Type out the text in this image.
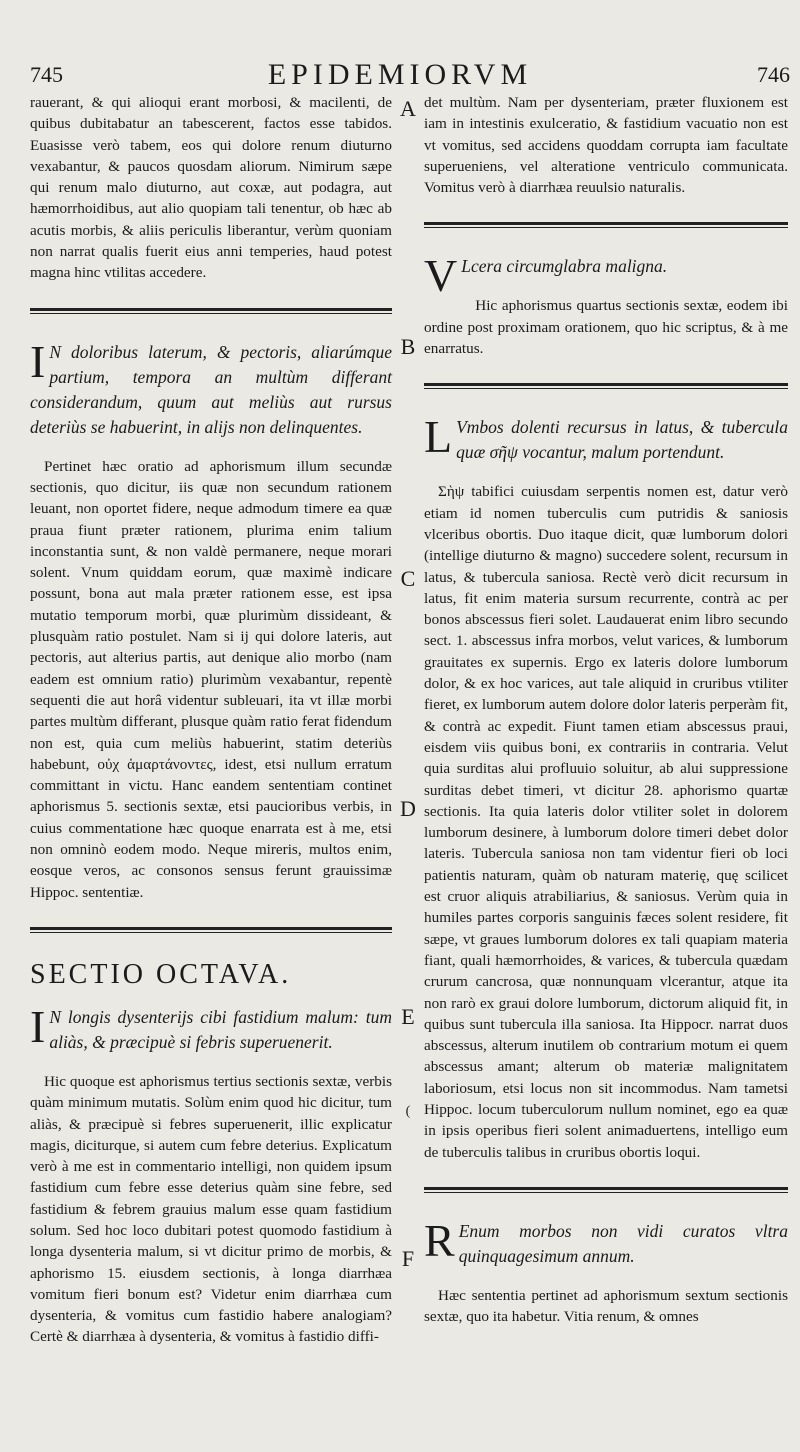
745	EPIDEMIORVM	746
A
B
C
D
E
(
F

rauerant, & qui alioqui erant morbosi, & macilenti, de quibus dubitabatur an tabescerent, factos esse tabidos. Euasisse verò tabem, eos qui dolore renum diuturno vexabantur, & paucos quosdam aliorum. Nimirum sæpe qui renum malo diuturno, aut coxæ, aut podagra, aut hæmorrhoidibus, aut alio quopiam tali tenentur, ob hæc ab acutis morbis, & aliis periculis liberantur, verùm quoniam non narrat qualis fuerit eius anni temperies, haud potest magna hinc vtilitas accedere.

I N doloribus laterum, & pectoris, aliarúmque partium, tempora an multùm differant considerandum, quum aut meliùs aut rursus deteriùs se habuerint, in alijs non delinquentes.

Pertinet hæc oratio ad aphorismum illum secundæ sectionis, quo dicitur, iis quæ non secundum rationem leuant, non oportet fidere, neque admodum timere ea quæ praua fiunt præter rationem, plurima enim talium inconstantia sunt, & non valdè permanere, neque morari solent. Vnum quiddam eorum, quæ maximè indicare possunt, bona aut mala præter rationem esse, est ipsa mutatio temporum morbi, quæ plurimùm dissideant, & plusquàm ratio postulet. Nam si ij qui dolore lateris, aut pectoris, aut alterius partis, aut denique alio morbo (nam eadem est omnium ratio) plurimùm vexabantur, repentè sequenti die aut horâ videntur subleuari, ita vt illæ morbi partes multùm differant, plusque quàm ratio ferat fidendum non est, quia cum meliùs habuerint, statim deteriùs habebunt, οὐχ ἁμαρτάνοντες, idest, etsi nullum erratum committant in victu. Hanc eandem sententiam continet aphorismus 5. sectionis sextæ, etsi paucioribus verbis, in cuius commentatione hæc quoque enarrata est à me, etsi non omninò eodem modo. Neque mireris, multos enim, eosque veros, ac consonos sensus ferunt grauissimæ Hippoc. sententiæ.

SECTIO OCTAVA.

I N longis dysenterijs cibi fastidium malum: tum aliàs, & præcipuè si febris superuenerit.

Hic quoque est aphorismus tertius sectionis sextæ, verbis quàm minimum mutatis. Solùm enim quod hic dicitur, tum aliàs, & præcipuè si febres superuenerit, illic explicatur magis, diciturque, si autem cum febre deterius. Explicatum verò à me est in commentario intelligi, non quidem ipsum fastidium cum febre esse deterius quàm sine febre, sed fastidium & febrem grauius malum esse quam fastidium solum. Sed hoc loco dubitari potest quomodo fastidium à longa dysenteria malum, si vt dicitur primo de morbis, & aphorismo 15. eiusdem sectionis, à longa diarrhæa vomitum fieri bonum est? Videtur enim diarrhæa cum dysenteria, & vomitus cum fastidio habere analogiam? Certè & diarrhæa à dysenteria, & vomitus à fastidio diffi-

det multùm. Nam per dysenteriam, præter fluxionem est iam in intestinis exulceratio, & fastidium vacuatio non est vt vomitus, sed accidens quoddam corrupta iam facultate superueniens, vel alteratione ventriculo communicata. Vomitus verò à diarrhæa reuulsio naturalis.

V Lcera circumglabra maligna.

Hic aphorismus quartus sectionis sextæ, eodem ibi ordine post proximam orationem, quo hic scriptus, & à me enarratus.

L Vmbos dolenti recursus in latus, & tubercula quæ σῆψ vocantur, malum portendunt.

Σὴψ tabifici cuiusdam serpentis nomen est, datur verò etiam id nomen tuberculis cum putridis & saniosis vlceribus obortis. Duo itaque dicit, quæ lumborum dolori (intellige diuturno & magno) succedere solent, recursum in latus, & tubercula saniosa. Rectè verò dicit recursum in latus, fit enim materia sursum recurrente, contrà ac per bonos abscessus fieri solet. Laudauerat enim libro secundo sect. 1. abscessus infra morbos, velut varices, & lumborum grauitates ex supernis. Ergo ex lateris dolore lumborum dolor, & ex hoc varices, aut tale aliquid in cruribus vtiliter fieret, ex lumborum autem dolore dolor lateris perperàm fit, & contrà ac expedit. Fiunt tamen etiam abscessus praui, eisdem viis quibus boni, ex contrariis in contraria. Velut quia surditas alui profluuio soluitur, ab alui suppressione surditas debet timeri, vt dicitur 28. aphorismo quartæ sectionis. Ita quia lateris dolor vtiliter solet in dolorem lumborum desinere, à lumborum dolore timeri debet dolor lateris. Tubercula saniosa non tam videntur fieri ob loci patientis naturam, quàm ob naturam materię, quę scilicet est cruor aliquis atrabiliarius, & saniosus. Verùm quia in humiles partes corporis sanguinis fæces solent residere, fit sæpe, vt graues lumborum dolores ex tali quapiam materia fiant, quali hæmorrhoides, & varices, & tubercula quædam crurum cancrosa, quæ nonnunquam vlcerantur, atque ita non rarò ex graui dolore lumborum, dictorum aliquid fit, in quibus sunt tubercula illa saniosa. Ita Hippocr. narrat duos abscessus, alterum inutilem ob contrarium motum ei quem abscessus amant; alterum ob materiæ malignitatem laboriosum, etsi locus non sit incommodus. Nam tametsi Hippoc. locum tuberculorum nullum nominet, ego ea quæ in ipsis operibus fieri solent animaduertens, intelligo eum de tuberculis talibus in cruribus obortis loqui.

R Enum morbos non vidi curatos vltra quinquagesimum annum.

Hæc sententia pertinet ad aphorismum sextum sectionis sextæ, quo ita habetur. Vitia renum, & omnes
